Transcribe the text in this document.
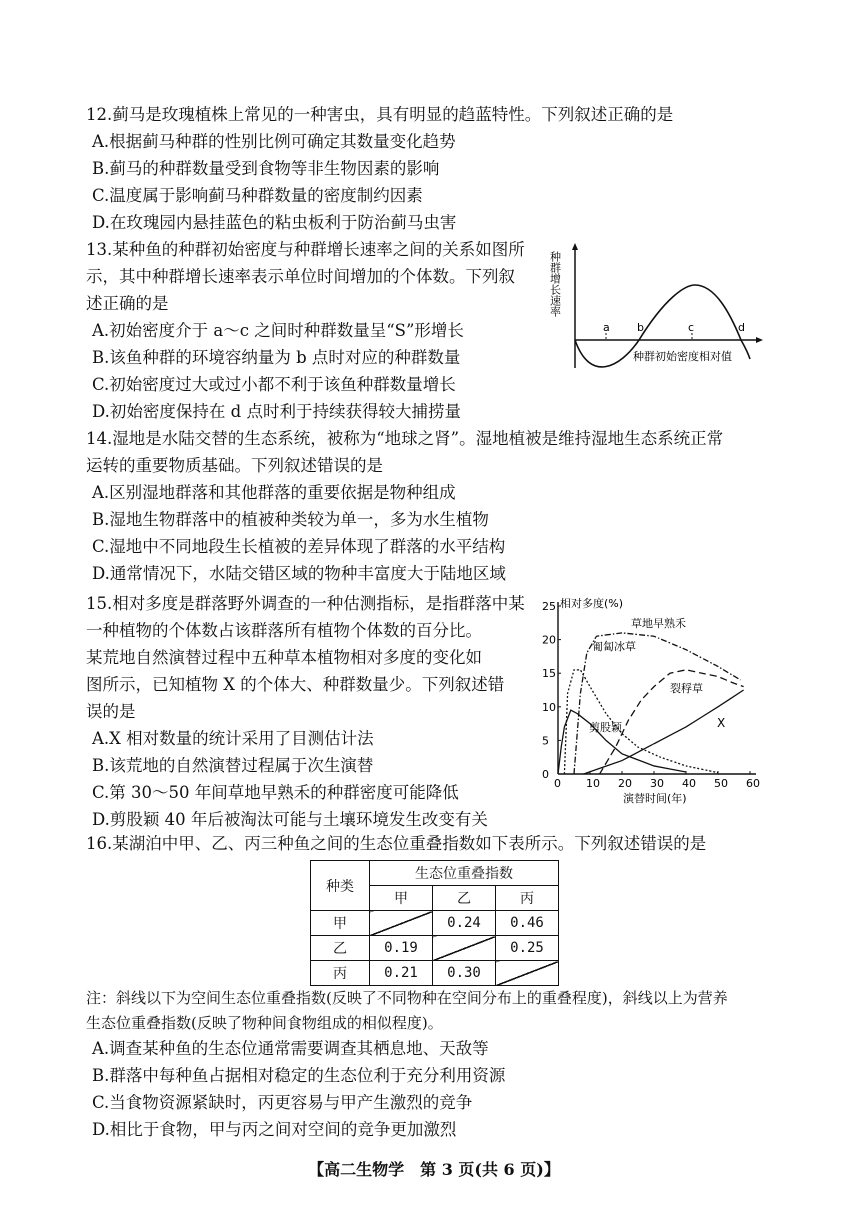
12.蓟马是玫瑰植株上常见的一种害虫，具有明显的趋蓝特性。下列叙述正确的是
A.根据蓟马种群的性别比例可确定其数量变化趋势
B.蓟马的种群数量受到食物等非生物因素的影响
C.温度属于影响蓟马种群数量的密度制约因素
D.在玫瑰园内悬挂蓝色的粘虫板利于防治蓟马虫害
13.某种鱼的种群初始密度与种群增长速率之间的关系如图所
示，其中种群增长速率表示单位时间增加的个体数。下列叙
述正确的是
A.初始密度介于 a～c 之间时种群数量呈“S”形增长
B.该鱼种群的环境容纳量为 b 点时对应的种群数量
C.初始密度过大或过小都不利于该鱼种群数量增长
D.初始密度保持在 d 点时利于持续获得较大捕捞量
种群增长速率
a b	c	d
种群初始密度相对值
14.湿地是水陆交替的生态系统，被称为“地球之肾”。湿地植被是维持湿地生态系统正常
运转的重要物质基础。下列叙述错误的是
A.区别湿地群落和其他群落的重要依据是物种组成
B.湿地生物群落中的植被种类较为单一，多为水生植物
C.湿地中不同地段生长植被的差异体现了群落的水平结构
D.通常情况下，水陆交错区域的物种丰富度大于陆地区域
15.相对多度是群落野外调查的一种估测指标，是指群落中某
一种植物的个体数占该群落所有植物个体数的百分比。
某荒地自然演替过程中五种草本植物相对多度的变化如
图所示，已知植物 X 的个体大、种群数量少。下列叙述错
误的是
A.X 相对数量的统计采用了目测估计法
B.该荒地的自然演替过程属于次生演替
C.第 30～50 年间草地早熟禾的种群密度可能降低
D.剪股颖 40 年后被淘汰可能与土壤环境发生改变有关
0 10 20 30 40 50 60
0
5
10
15
20
25 相对多度(%)
演替时间(年)
草地早熟禾
匍匐冰草
裂稃草
剪股颖	X
16.某湖泊中甲、乙、丙三种鱼之间的生态位重叠指数如下表所示。下列叙述错误的是
种类	生态位重叠指数		
	甲	乙	丙
甲		0.24	0.46
乙	0.19		0.25
丙	0.21	0.30	
注：斜线以下为空间生态位重叠指数(反映了不同物种在空间分布上的重叠程度)，斜线以上为营养
生态位重叠指数(反映了物种间食物组成的相似程度)。
A.调查某种鱼的生态位通常需要调查其栖息地、天敌等
B.群落中每种鱼占据相对稳定的生态位利于充分利用资源
C.当食物资源紧缺时，丙更容易与甲产生激烈的竞争
D.相比于食物，甲与丙之间对空间的竞争更加激烈
【高二生物学　第 3 页(共 6 页)】
